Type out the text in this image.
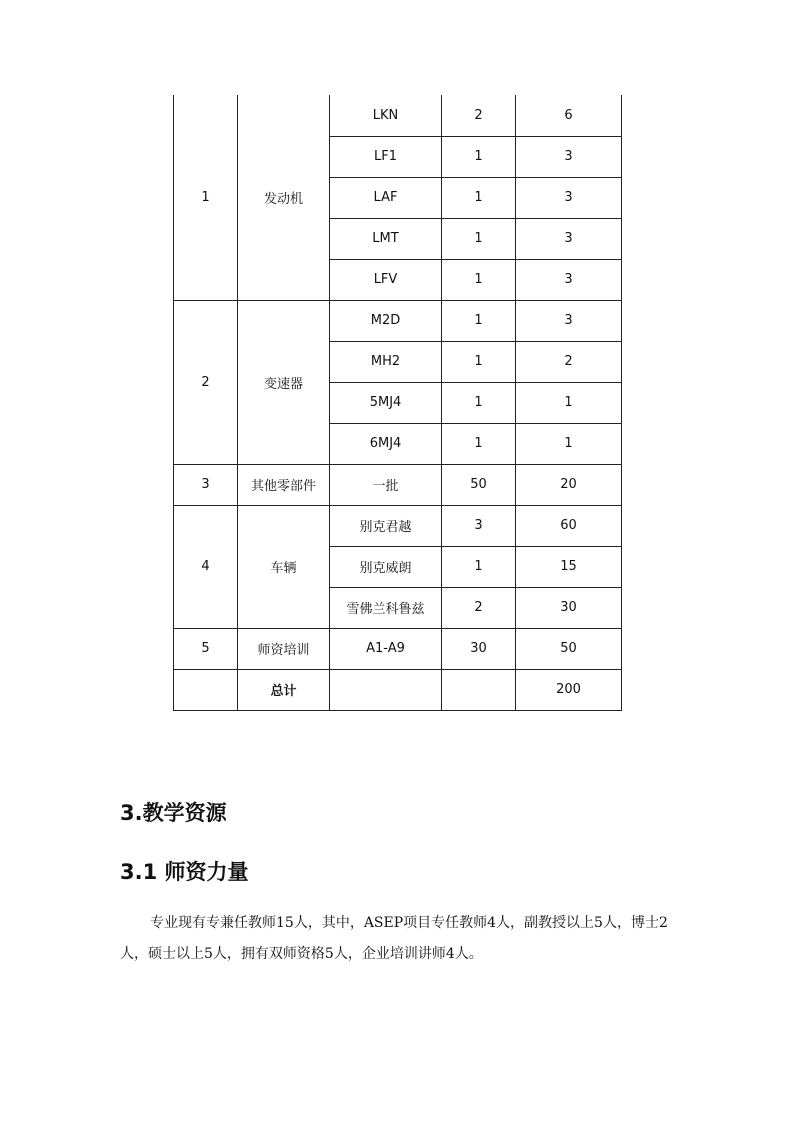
1	发动机	LKN	2	6
		LF1	1	3
		LAF	1	3
		LMT	1	3
		LFV	1	3
2	变速器	M2D	1	3
		MH2	1	2
		5MJ4	1	1
		6MJ4	1	1
3	其他零部件	一批	50	20
4	车辆	别克君越	3	60
		别克威朗	1	15
		雪佛兰科鲁兹	2	30
5	师资培训	A1-A9	30	50
	总计			200
3.教学资源
3.1 师资力量

专业现有专兼任教师15人，其中，ASEP项目专任教师4人，副教授以上5人，博士2人，硕士以上5人，拥有双师资格5人，企业培训讲师4人。
